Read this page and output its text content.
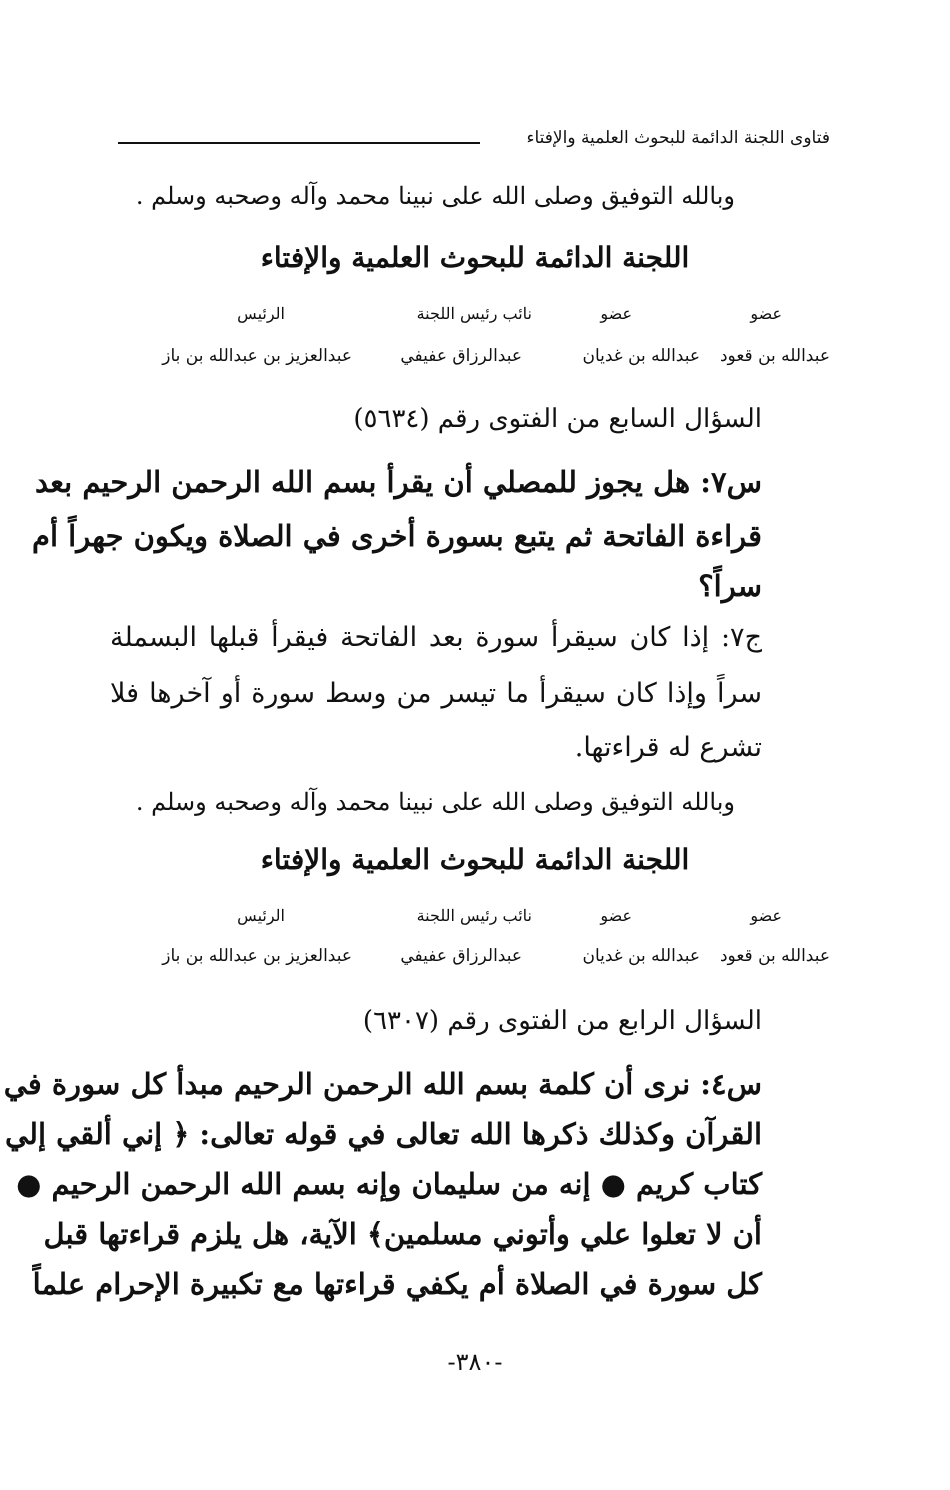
فتاوى اللجنة الدائمة للبحوث العلمية والإفتاء
وبالله التوفيق وصلى الله على نبينا محمد وآله وصحبه وسلم .
اللجنة الدائمة للبحوث العلمية والإفتاء
عضو
عضو
نائب رئيس اللجنة
الرئيس
عبدالله بن قعود
عبدالله بن غديان
عبدالرزاق عفيفي
عبدالعزيز بن عبدالله بن باز
السؤال السابع من الفتوى رقم (٥٦٣٤)
س٧: هل يجوز للمصلي أن يقرأ بسم الله الرحمن الرحيم بعد
قراءة الفاتحة ثم يتبع بسورة أخرى في الصلاة ويكون جهراً أم
سراً؟
ج٧: إذا كان سيقرأ سورة بعد الفاتحة فيقرأ قبلها البسملة
سراً وإذا كان سيقرأ ما تيسر من وسط سورة أو آخرها فلا
تشرع له قراءتها.
وبالله التوفيق وصلى الله على نبينا محمد وآله وصحبه وسلم .
اللجنة الدائمة للبحوث العلمية والإفتاء
عضو
عضو
نائب رئيس اللجنة
الرئيس
عبدالله بن قعود
عبدالله بن غديان
عبدالرزاق عفيفي
عبدالعزيز بن عبدالله بن باز
السؤال الرابع من الفتوى رقم (٦٣٠٧)
س٤: نرى أن كلمة بسم الله الرحمن الرحيم مبدأ كل سورة في
القرآن وكذلك ذكرها الله تعالى في قوله تعالى: ﴿ إني ألقي إلي
كتاب كريم ● إنه من سليمان وإنه بسم الله الرحمن الرحيم ●
أن لا تعلوا علي وأتوني مسلمين﴾ الآية، هل يلزم قراءتها قبل
كل سورة في الصلاة أم يكفي قراءتها مع تكبيرة الإحرام علماً
-٣٨٠-
